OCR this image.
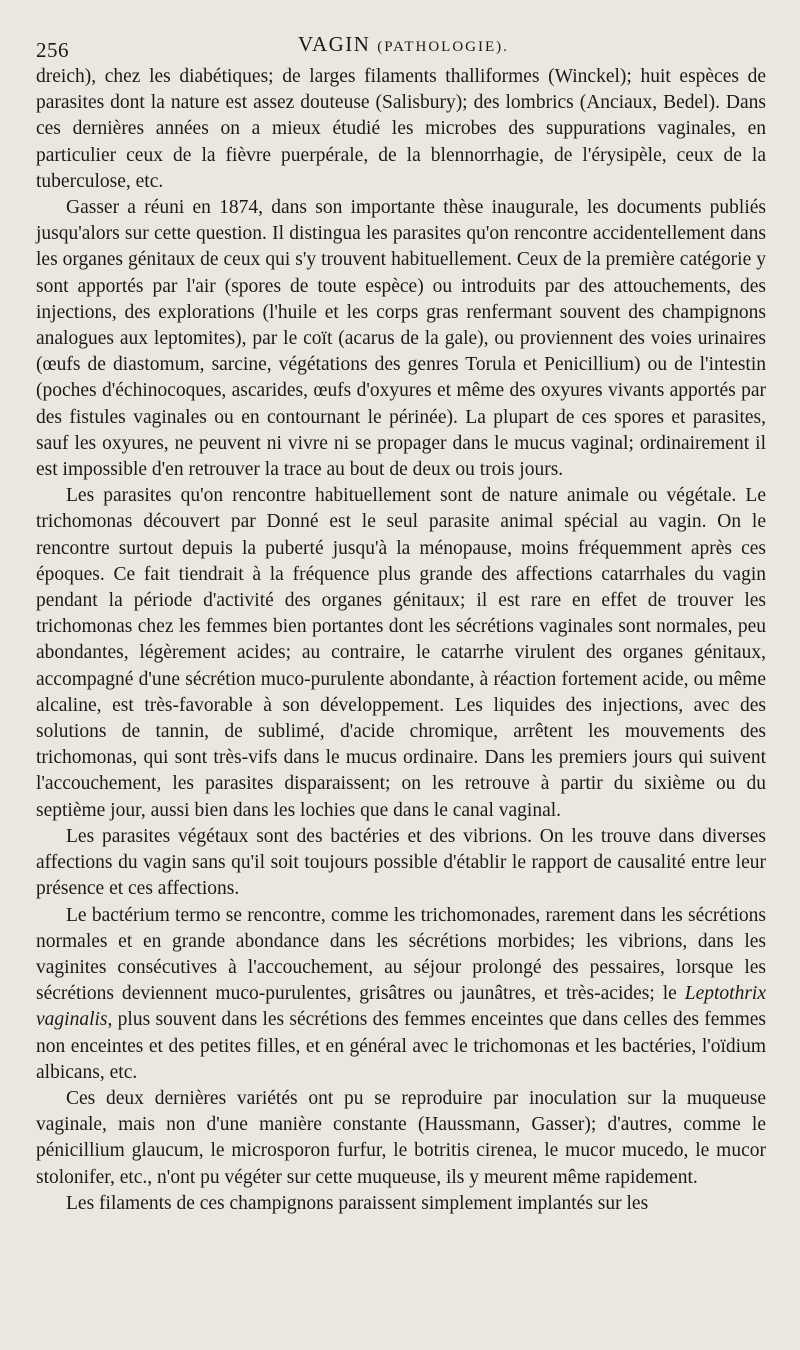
256	VAGIN (PATHOLOGIE).

dreich), chez les diabétiques; de larges filaments thalliformes (Winckel); huit espèces de parasites dont la nature est assez douteuse (Salisbury); des lombrics (Anciaux, Bedel). Dans ces dernières années on a mieux étudié les microbes des suppurations vaginales, en particulier ceux de la fièvre puerpérale, de la blennorrhagie, de l'érysipèle, ceux de la tuberculose, etc.

Gasser a réuni en 1874, dans son importante thèse inaugurale, les documents publiés jusqu'alors sur cette question. Il distingua les parasites qu'on rencontre accidentellement dans les organes génitaux de ceux qui s'y trouvent habituellement. Ceux de la première catégorie y sont apportés par l'air (spores de toute espèce) ou introduits par des attouchements, des injections, des explorations (l'huile et les corps gras renfermant souvent des champignons analogues aux leptomites), par le coït (acarus de la gale), ou proviennent des voies urinaires (œufs de diastomum, sarcine, végétations des genres Torula et Penicillium) ou de l'intestin (poches d'échinocoques, ascarides, œufs d'oxyures et même des oxyures vivants apportés par des fistules vaginales ou en contournant le périnée). La plupart de ces spores et parasites, sauf les oxyures, ne peuvent ni vivre ni se propager dans le mucus vaginal; ordinairement il est impossible d'en retrouver la trace au bout de deux ou trois jours.

Les parasites qu'on rencontre habituellement sont de nature animale ou végétale. Le trichomonas découvert par Donné est le seul parasite animal spécial au vagin. On le rencontre surtout depuis la puberté jusqu'à la ménopause, moins fréquemment après ces époques. Ce fait tiendrait à la fréquence plus grande des affections catarrhales du vagin pendant la période d'activité des organes génitaux; il est rare en effet de trouver les trichomonas chez les femmes bien portantes dont les sécrétions vaginales sont normales, peu abondantes, légèrement acides; au contraire, le catarrhe virulent des organes génitaux, accompagné d'une sécrétion muco-purulente abondante, à réaction fortement acide, ou même alcaline, est très-favorable à son développement. Les liquides des injections, avec des solutions de tannin, de sublimé, d'acide chromique, arrêtent les mouvements des trichomonas, qui sont très-vifs dans le mucus ordinaire. Dans les premiers jours qui suivent l'accouchement, les parasites disparaissent; on les retrouve à partir du sixième ou du septième jour, aussi bien dans les lochies que dans le canal vaginal.

Les parasites végétaux sont des bactéries et des vibrions. On les trouve dans diverses affections du vagin sans qu'il soit toujours possible d'établir le rapport de causalité entre leur présence et ces affections.

Le bactérium termo se rencontre, comme les trichomonades, rarement dans les sécrétions normales et en grande abondance dans les sécrétions morbides; les vibrions, dans les vaginites consécutives à l'accouchement, au séjour prolongé des pessaires, lorsque les sécrétions deviennent muco-purulentes, grisâtres ou jaunâtres, et très-acides; le Leptothrix vaginalis, plus souvent dans les sécrétions des femmes enceintes que dans celles des femmes non enceintes et des petites filles, et en général avec le trichomonas et les bactéries, l'oïdium albicans, etc.

Ces deux dernières variétés ont pu se reproduire par inoculation sur la muqueuse vaginale, mais non d'une manière constante (Haussmann, Gasser); d'autres, comme le pénicillium glaucum, le microsporon furfur, le botritis cirenea, le mucor mucedo, le mucor stolonifer, etc., n'ont pu végéter sur cette muqueuse, ils y meurent même rapidement.

Les filaments de ces champignons paraissent simplement implantés sur les
